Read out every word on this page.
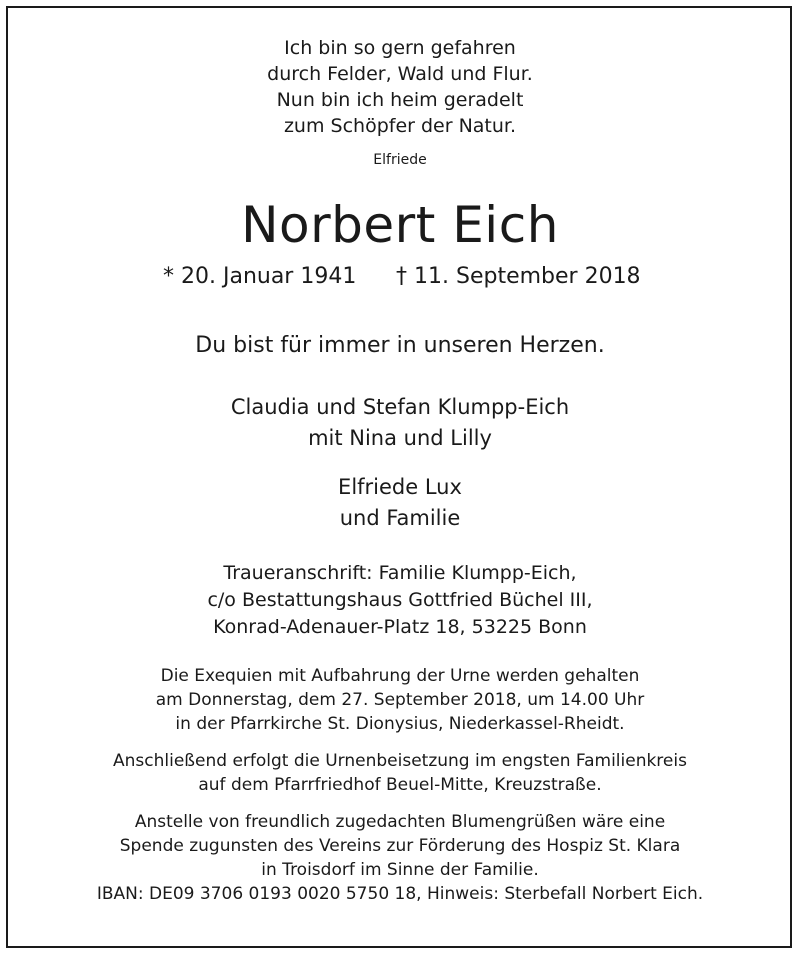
Ich bin so gern gefahren
durch Felder, Wald und Flur.
Nun bin ich heim geradelt
zum Schöpfer der Natur.
Elfriede
Norbert Eich
* 20. Januar 1941 † 11. September 2018
Du bist für immer in unseren Herzen.
Claudia und Stefan Klumpp-Eich
mit Nina und Lilly
Elfriede Lux
und Familie
Traueranschrift: Familie Klumpp-Eich,
c/o Bestattungshaus Gottfried Büchel III,
Konrad-Adenauer-Platz 18, 53225 Bonn
Die Exequien mit Aufbahrung der Urne werden gehalten
am Donnerstag, dem 27. September 2018, um 14.00 Uhr
in der Pfarrkirche St. Dionysius, Niederkassel-Rheidt.
Anschließend erfolgt die Urnenbeisetzung im engsten Familienkreis
auf dem Pfarrfriedhof Beuel-Mitte, Kreuzstraße.
Anstelle von freundlich zugedachten Blumengrüßen wäre eine
Spende zugunsten des Vereins zur Förderung des Hospiz St. Klara
in Troisdorf im Sinne der Familie.
IBAN: DE09 3706 0193 0020 5750 18, Hinweis: Sterbefall Norbert Eich.
